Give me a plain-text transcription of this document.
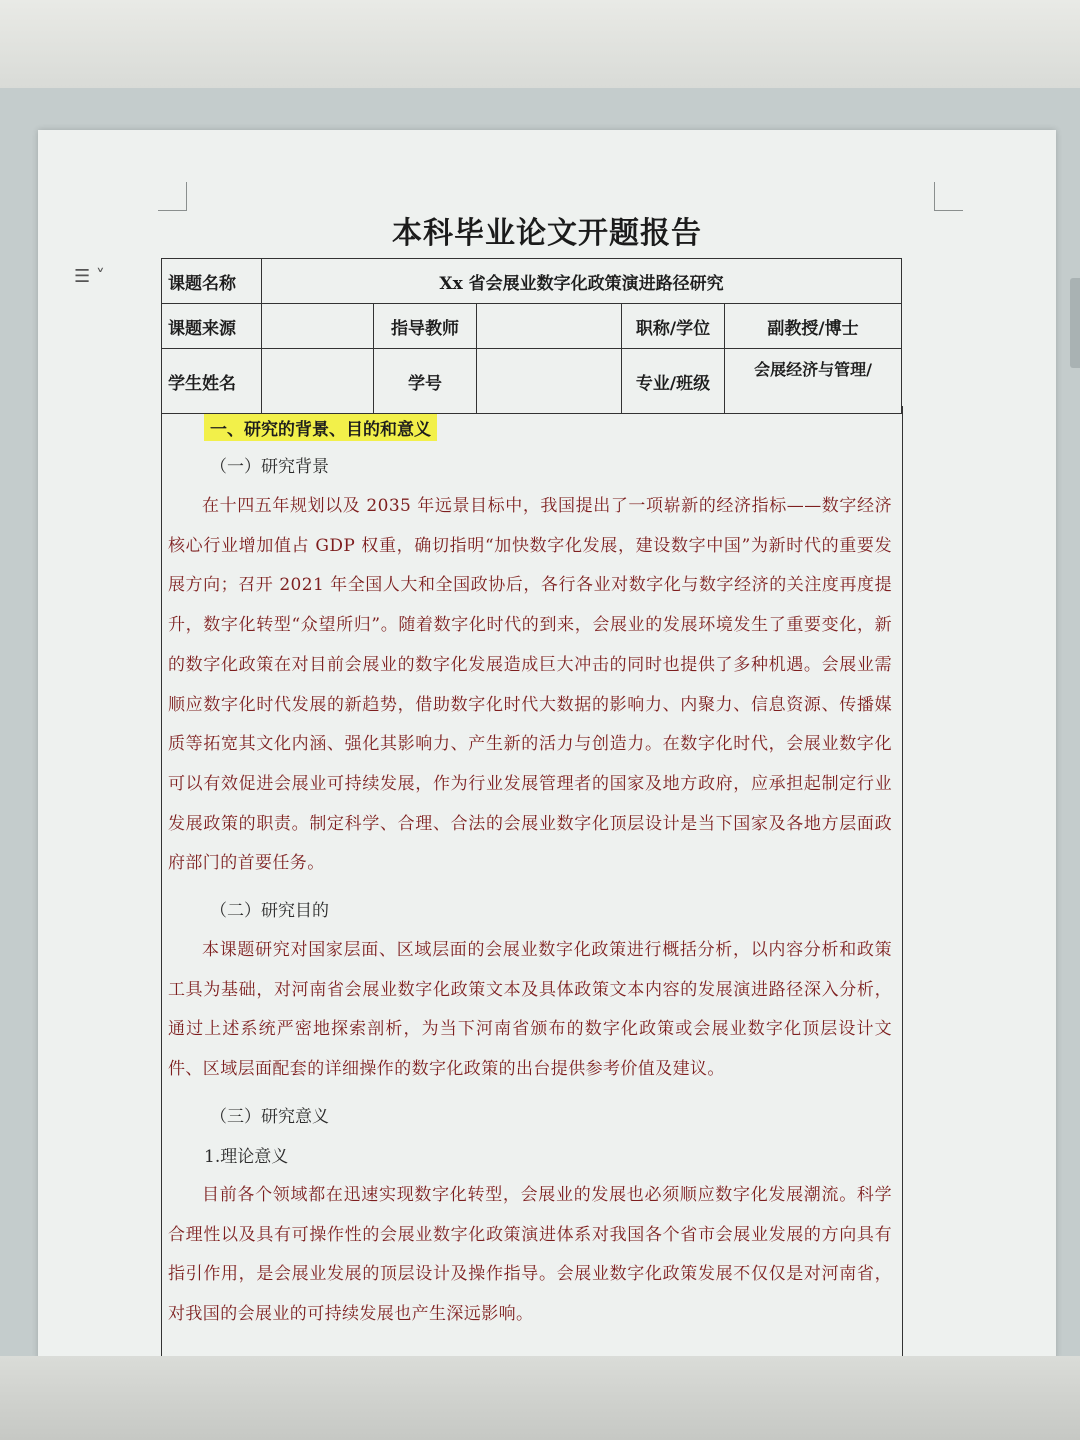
☰ ˅
本科毕业论文开题报告
课题名称	Xx 省会展业数字化政策演进路径研究				
课题来源		指导教师		职称/学位	副教授/博士
学生姓名		学号		专业/班级	会展经济与管理/
一、研究的背景、目的和意义
（一）研究背景
在十四五年规划以及 2035 年远景目标中，我国提出了一项崭新的经济指标——数字经济核心行业增加值占 GDP 权重，确切指明“加快数字化发展，建设数字中国”为新时代的重要发展方向；召开 2021 年全国人大和全国政协后，各行各业对数字化与数字经济的关注度再度提升，数字化转型“众望所归”。随着数字化时代的到来，会展业的发展环境发生了重要变化，新的数字化政策在对目前会展业的数字化发展造成巨大冲击的同时也提供了多种机遇。会展业需顺应数字化时代发展的新趋势，借助数字化时代大数据的影响力、内聚力、信息资源、传播媒质等拓宽其文化内涵、强化其影响力、产生新的活力与创造力。在数字化时代，会展业数字化可以有效促进会展业可持续发展，作为行业发展管理者的国家及地方政府，应承担起制定行业发展政策的职责。制定科学、合理、合法的会展业数字化顶层设计是当下国家及各地方层面政府部门的首要任务。
（二）研究目的
本课题研究对国家层面、区域层面的会展业数字化政策进行概括分析，以内容分析和政策工具为基础，对河南省会展业数字化政策文本及具体政策文本内容的发展演进路径深入分析，通过上述系统严密地探索剖析，为当下河南省颁布的数字化政策或会展业数字化顶层设计文件、区域层面配套的详细操作的数字化政策的出台提供参考价值及建议。
（三）研究意义
1.理论意义
目前各个领域都在迅速实现数字化转型，会展业的发展也必须顺应数字化发展潮流。科学合理性以及具有可操作性的会展业数字化政策演进体系对我国各个省市会展业发展的方向具有指引作用，是会展业发展的顶层设计及操作指导。会展业数字化政策发展不仅仅是对河南省，对我国的会展业的可持续发展也产生深远影响。
